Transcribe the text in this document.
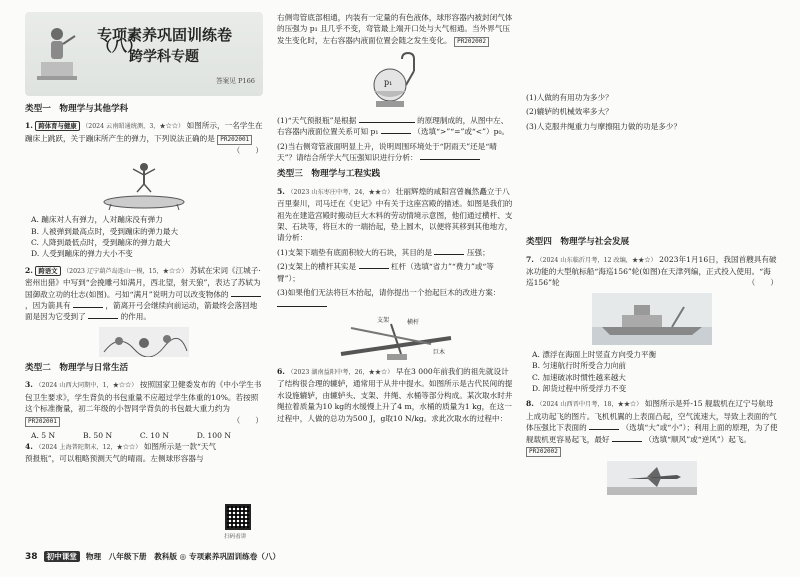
专项素养巩固训练卷（八）
跨学科专题
答案见 P166
类型一　物理学与其他学科
1. 跨体育与健康 （2024 云南昭通统测，3，★☆☆） 如图所示，一名学生在蹦床上跳跃，关于蹦床所产生的弹力，下列说法正确的是 PR202001
（　　）
A. 蹦床对人有弹力，人对蹦床没有弹力
B. 人被弹到最高点时，受到蹦床的弹力最大
C. 人降到最低点时，受到蹦床的弹力最大
D. 人受到蹦床的弹力大小不变
2. 跨语文 （2023 辽宁葫芦岛连山一模，15，★☆☆） 苏轼在宋词《江城子·密州出猎》中写到“会挽雕弓如满月，西北望，射天狼”，表达了苏轼为国御敌立功的壮志(如图)。弓如“满月”说明力可以改变物体的  ，因为箭具有	，箭离开弓会继续向前运动，箭最终会落回地面是因为它受到了	的作用。
类型二　物理学与日常生活
3. （2024 山西大同期中，1，★☆☆） 按照国家卫健委发布的《中小学生书包卫生要求》，学生背负的书包重量不应超过学生体重的10%。若按照这个标准衡量，初二年级的小智同学背负的书包最大重力约为 PR202001	（　　）
A. 5 N	B. 50 N	C. 10 N	D. 100 N
4. （2024 上海普陀期末，12，★☆☆） 如图所示是一款“天气预报瓶”，可以粗略预测天气的晴雨。左侧球形容器与
扫码看讲
右侧弯管底部相通，内装有一定量的有色液体，球形容器内被封闭气体的压强为 p₁ 且几乎不变，弯管最上端开口处与大气相通。当外界气压发生变化时，左右容器内液面位置会随之发生变化。 PR202002
p₁
(1)“天气预报瓶”是根据	的原理制成的，从图中左、右容器内液面位置关系可知 p₁	（选填“>”“=”或“<”）p₀。
(2)当右侧弯管液面明显上升，说明周围环境处于“阴雨天”还是“晴天”？请结合所学大气压强知识进行分析：
类型三　物理学与工程实践
5. （2023 山东枣庄中考，24，★★☆） 壮丽辉煌的咸阳宫曾巍然矗立于八百里秦川，司马迁在《史记》中有关于这座宫殿的描述。如图是我们的祖先在建造宫殿时搬动巨大木料的劳动情境示意图，他们通过横杆、支架、石块等，将巨木的一端抬起，垫上圆木，以便将其移到其他地方，请分析：
(1)支架下端垫有底面积较大的石块，其目的是	压强；
(2)支架上的横杆其实是	杠杆（选填“省力”“费力”或“等臂”）；
(3)如果他们无法将巨木抬起，请你提出一个抬起巨木的改进方案：
支架	横杆
巨木
6. （2023 湖南益阳中考，26，★★☆） 早在3 000年前我们的祖先就设计了结构很合理的辘轳，通常用于从井中提水。如图所示是古代民间的提水设施辘轳，由辘轳头、支架、井绳、水桶等部分构成。某次取水时井绳拉着质量为10 kg的水缓慢上升了4 m，水桶的质量为1 kg，在这一过程中，人做的总功为500 J，g取10 N/kg。求此次取水的过程中：
(1)人做的有用功为多少？
(2)辘轳的机械效率多大？
(3)人克服井绳重力与摩擦阻力做的功是多少？
类型四　物理学与社会发展
7. （2024 山东临沂月考，12 改编，★★☆） 2023年1月16日，我国首艘具有破冰功能的大型航标船“海巡156”轮(如图)在天津列编，正式投入使用。“海巡156”轮	（　　）
A. 漂浮在海面上时竖直方向受力平衡
B. 匀速航行时所受合力向前
C. 加速破冰时惯性越来越大
D. 卸货过程中所受浮力不变
8. （2024 山西晋中月考，18，★★☆） 如图所示是歼-15 舰载机在辽宁号航母上成功起飞的图片。飞机机翼的上表面凸起，空气流速大，导致上表面的气体压强比下表面的	（选填“大”或“小”）；利用上面的原理，为了使舰载机更容易起飞，最好	（选填“顺风”或“逆风”）起飞。 PR202002
38	初中课堂	物理　八年级下册　教科版 ◎ 专项素养巩固训练卷（八）
